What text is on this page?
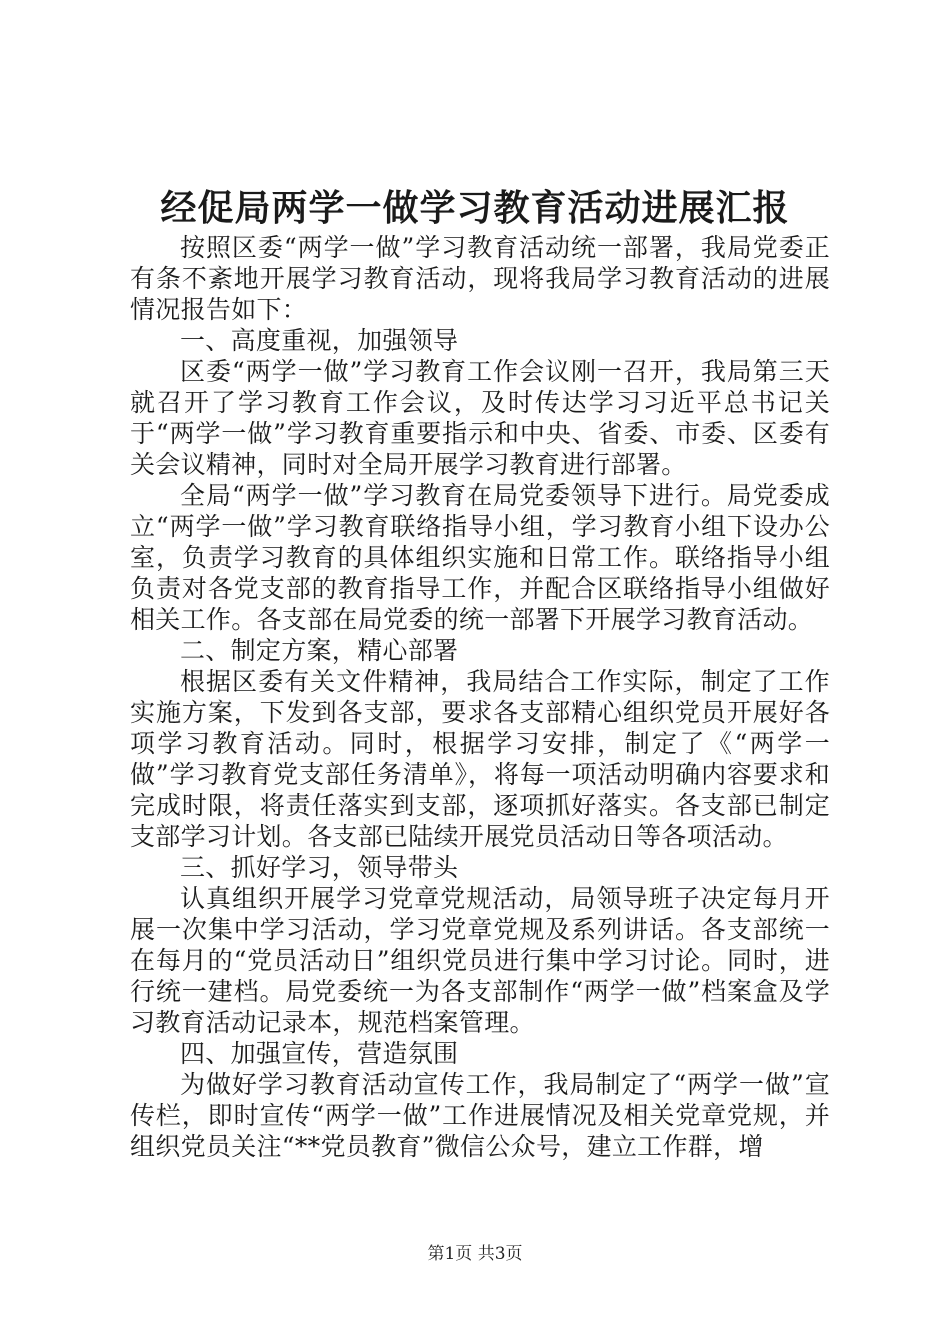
经促局两学一做学习教育活动进展汇报

按照区委“两学一做”学习教育活动统一部署，我局党委正有条不紊地开展学习教育活动，现将我局学习教育活动的进展情况报告如下：

一、高度重视，加强领导

区委“两学一做”学习教育工作会议刚一召开，我局第三天就召开了学习教育工作会议，及时传达学习习近平总书记关于“两学一做”学习教育重要指示和中央、省委、市委、区委有关会议精神，同时对全局开展学习教育进行部署。

全局“两学一做”学习教育在局党委领导下进行。局党委成立“两学一做”学习教育联络指导小组，学习教育小组下设办公室，负责学习教育的具体组织实施和日常工作。联络指导小组负责对各党支部的教育指导工作，并配合区联络指导小组做好相关工作。各支部在局党委的统一部署下开展学习教育活动。

二、制定方案，精心部署

根据区委有关文件精神，我局结合工作实际，制定了工作实施方案，下发到各支部，要求各支部精心组织党员开展好各项学习教育活动。同时，根据学习安排，制定了《“两学一做”学习教育党支部任务清单》，将每一项活动明确内容要求和完成时限，将责任落实到支部，逐项抓好落实。各支部已制定支部学习计划。各支部已陆续开展党员活动日等各项活动。

三、抓好学习，领导带头

认真组织开展学习党章党规活动，局领导班子决定每月开展一次集中学习活动，学习党章党规及系列讲话。各支部统一在每月的“党员活动日”组织党员进行集中学习讨论。同时，进行统一建档。局党委统一为各支部制作“两学一做”档案盒及学习教育活动记录本，规范档案管理。

四、加强宣传，营造氛围

为做好学习教育活动宣传工作，我局制定了“两学一做”宣传栏，即时宣传“两学一做”工作进展情况及相关党章党规，并组织党员关注“**党员教育”微信公众号，建立工作群，增

第1页 共3页
